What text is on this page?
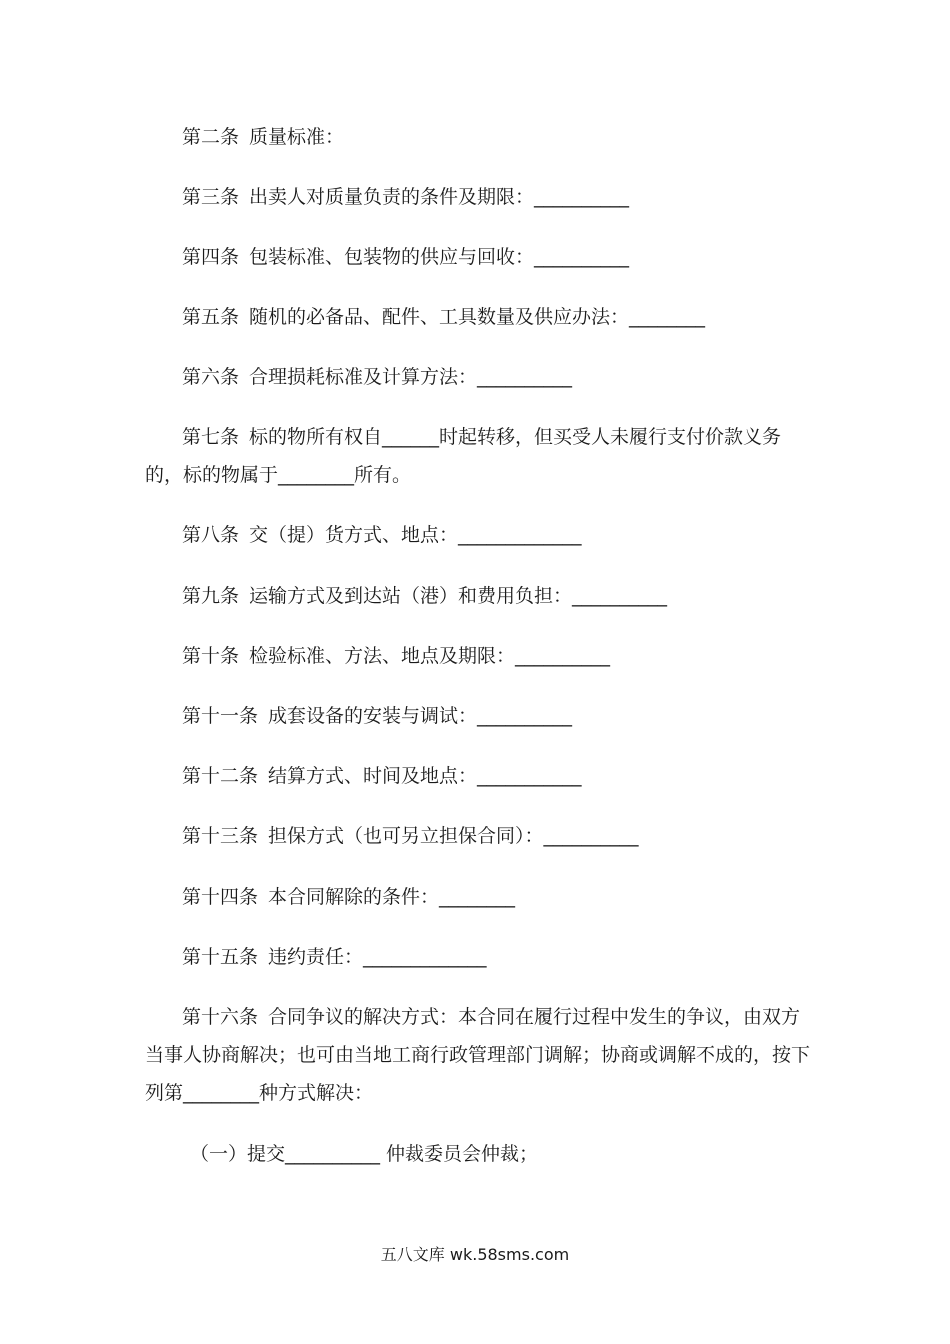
第二条 质量标准：

第三条 出卖人对质量负责的条件及期限：__________

第四条 包装标准、包装物的供应与回收：__________

第五条 随机的必备品、配件、工具数量及供应办法：________

第六条 合理损耗标准及计算方法：__________

第七条 标的物所有权自______时起转移，但买受人未履行支付价款义务的，标的物属于________所有。

第八条 交（提）货方式、地点：_____________

第九条 运输方式及到达站（港）和费用负担：__________

第十条 检验标准、方法、地点及期限：__________

第十一条 成套设备的安装与调试：__________

第十二条 结算方式、时间及地点：___________

第十三条 担保方式（也可另立担保合同）：__________

第十四条 本合同解除的条件：________

第十五条 违约责任：_____________

第十六条 合同争议的解决方式：本合同在履行过程中发生的争议，由双方当事人协商解决；也可由当地工商行政管理部门调解；协商或调解不成的，按下列第________种方式解决：

（一）提交__________ 仲裁委员会仲裁；

五八文库 wk.58sms.com
